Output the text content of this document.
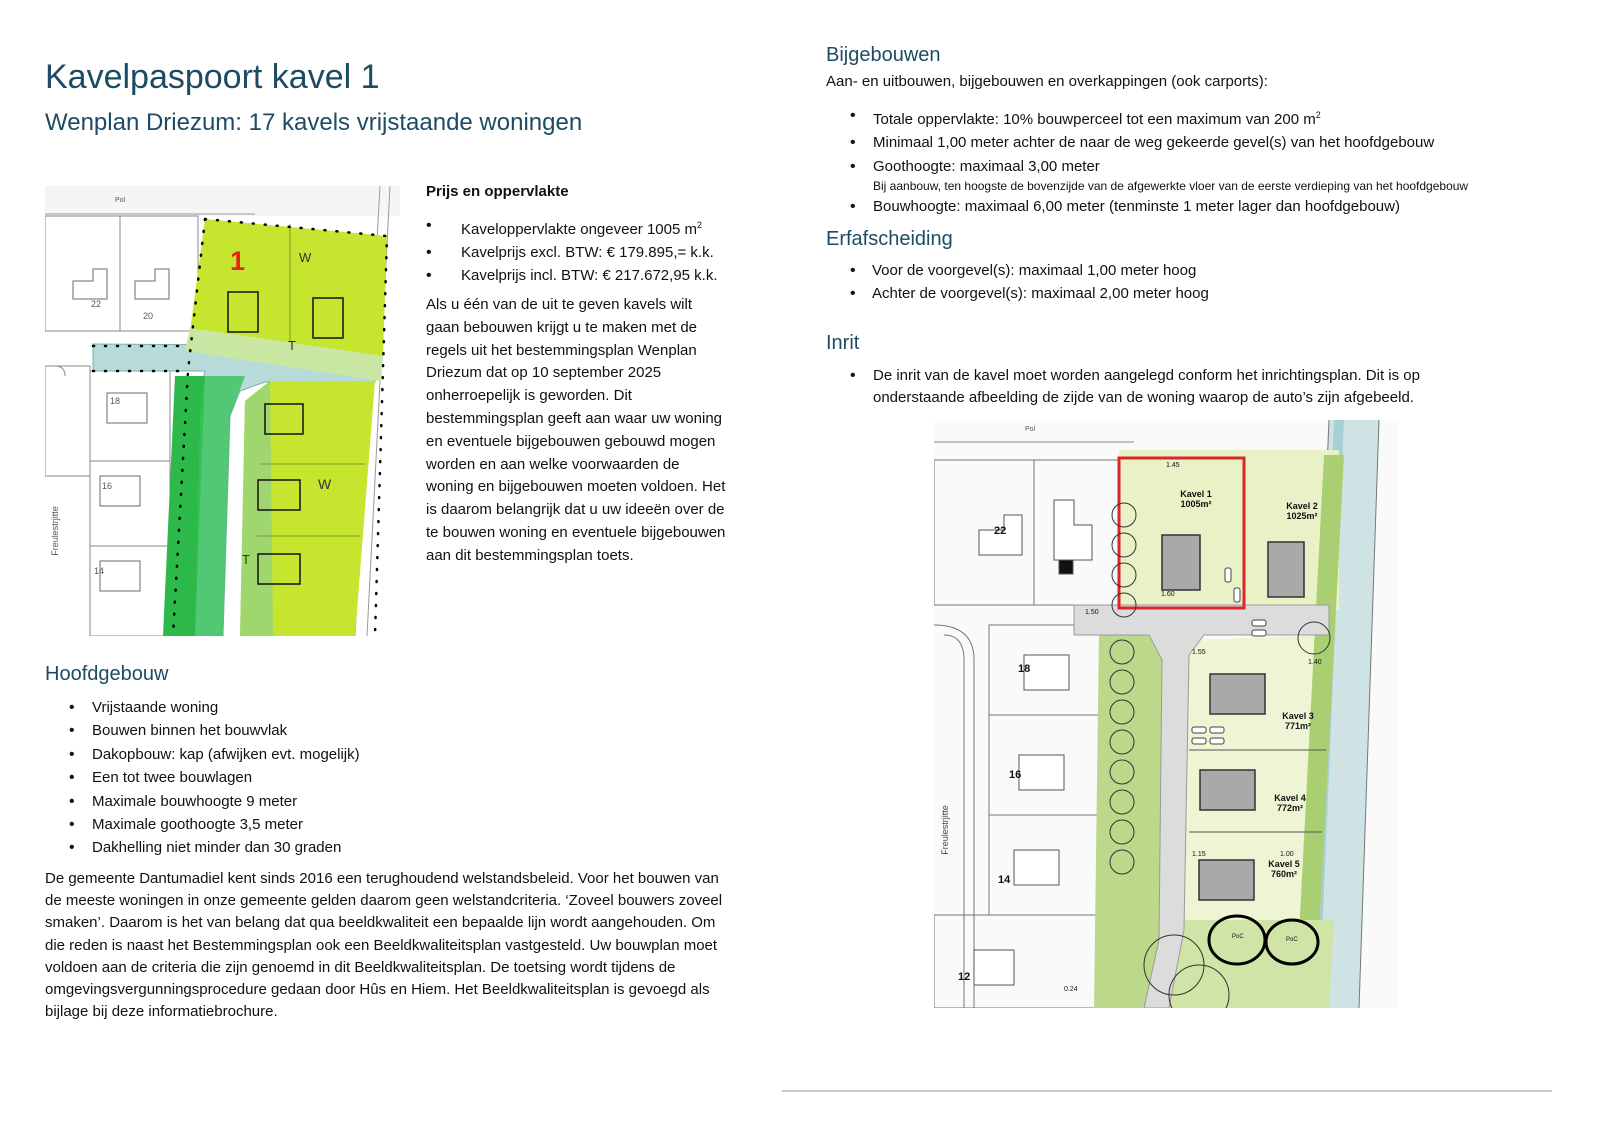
Kavelpaspoort kavel 1
Wenplan Driezum: 17 kavels vrijstaande woningen
1	W
T
W
T
22
20
18
16
14
Pol
Freulestrjitte
Prijs en oppervlakte
• Kaveloppervlakte ongeveer 1005 $m^2$
• Kavelprijs excl. BTW: € 179.895,= k.k.
• Kavelprijs incl. BTW: € 217.672,95 k.k.

Als u één van de uit te geven kavels wilt gaan bebouwen krijgt u te maken met de regels uit het bestemmingsplan Wenplan Driezum dat op 10 september 2025 onherroepelijk is geworden. Dit bestemmingsplan geeft aan waar uw woning en eventuele bijgebouwen gebouwd mogen worden en aan welke voorwaarden de woning en bijgebouwen moeten voldoen. Het is daarom belangrijk dat u uw ideeën over de te bouwen woning en eventuele bijgebouwen aan dit bestemmingsplan toets.

Hoofdgebouw
• Vrijstaande woning
• Bouwen binnen het bouwvlak
• Dakopbouw: kap (afwijken evt. mogelijk)
• Een tot twee bouwlagen
• Maximale bouwhoogte 9 meter
• Maximale goothoogte 3,5 meter
• Dakhelling niet minder dan 30 graden

De gemeente Dantumadiel kent sinds 2016 een terughoudend welstandsbeleid. Voor het bouwen van de meeste woningen in onze gemeente gelden daarom geen welstandcriteria. ‘Zoveel bouwers zoveel smaken’. Daarom is het van belang dat qua beeldkwaliteit een bepaalde lijn wordt aangehouden. Om die reden is naast het Bestemmingsplan ook een Beeldkwaliteitsplan vastgesteld. Uw bouwplan moet voldoen aan de criteria die zijn genoemd in dit Beeldkwaliteitsplan. De toetsing wordt tijdens de omgevingsvergunningsprocedure gedaan door Hûs en Hiem. Het Beeldkwaliteitsplan is gevoegd als bijlage bij deze informatiebrochure.

Bijgebouwen
Aan- en uitbouwen, bijgebouwen en overkappingen (ook carports):
• Totale oppervlakte: 10% bouwperceel tot een maximum van 200 $m^2$
• Minimaal 1,00 meter achter de naar de weg gekeerde gevel(s) van het hoofdgebouw
• Goothoogte: maximaal 3,00 meter
Bij aanbouw, ten hoogste de bovenzijde van de afgewerkte vloer van de eerste verdieping van het hoofdgebouw
• Bouwhoogte: maximaal 6,00 meter (tenminste 1 meter lager dan hoofdgebouw)
Erfafscheiding
• Voor de voorgevel(s): maximaal 1,00 meter hoog
• Achter de voorgevel(s): maximaal 2,00 meter hoog
Inrit
• De inrit van de kavel moet worden aangelegd conform het inrichtingsplan. Dit is op onderstaande afbeelding de zijde van de woning waarop de auto’s zijn afgebeeld.
Kavel 1
1005m²	Kavel 2
1025m²
Kavel 3
771m²
Kavel 4
772m²
Kavel 5
760m²
1.45
1.60
1.50
1.55
1.40
1.15	1.00
0.24
22
18
16
14
12
Pol
PoC	PoC
Freulestrjitte
